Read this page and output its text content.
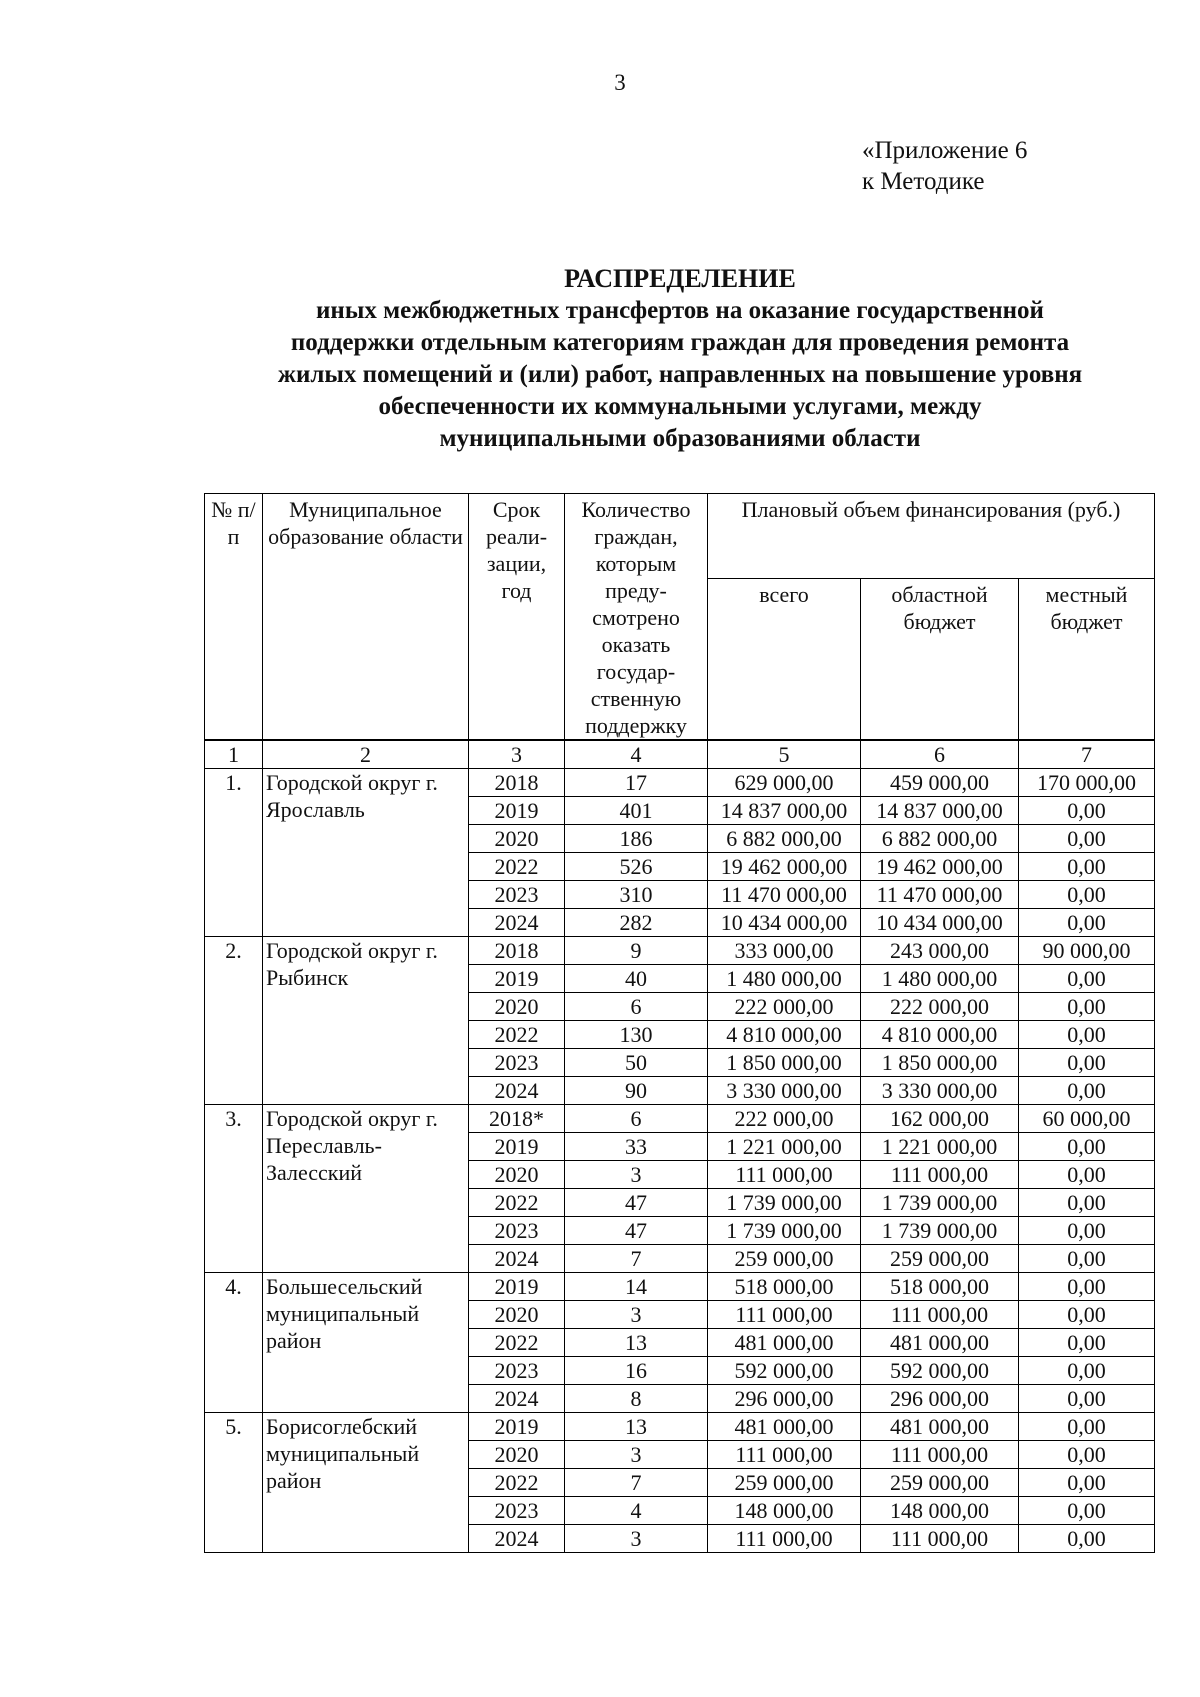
3
«Приложение 6
к Методике
РАСПРЕДЕЛЕНИЕ
иных межбюджетных трансфертов на оказание государственной
поддержки отдельным категориям граждан для проведения ремонта
жилых помещений и (или) работ, направленных на повышение уровня
обеспеченности их коммунальными услугами, между
муниципальными образованиями области
№ п/п	Муниципальное образование области	Срок реали-зации, год	Количество граждан, которым преду-смотрено оказать государ-ственную поддержку	Плановый объем финансирования (руб.)		
				всего	областной бюджет	местный бюджет
1	2	3	4	5	6	7
1.	Городской округ г. Ярославль	2018	17	629 000,00	459 000,00	170 000,00
		2019	401	14 837 000,00	14 837 000,00	0,00
		2020	186	6 882 000,00	6 882 000,00	0,00
		2022	526	19 462 000,00	19 462 000,00	0,00
		2023	310	11 470 000,00	11 470 000,00	0,00
		2024	282	10 434 000,00	10 434 000,00	0,00
2.	Городской округ г. Рыбинск	2018	9	333 000,00	243 000,00	90 000,00
		2019	40	1 480 000,00	1 480 000,00	0,00
		2020	6	222 000,00	222 000,00	0,00
		2022	130	4 810 000,00	4 810 000,00	0,00
		2023	50	1 850 000,00	1 850 000,00	0,00
		2024	90	3 330 000,00	3 330 000,00	0,00
3.	Городской округ г. Переславль-Залесский	2018*	6	222 000,00	162 000,00	60 000,00
		2019	33	1 221 000,00	1 221 000,00	0,00
		2020	3	111 000,00	111 000,00	0,00
		2022	47	1 739 000,00	1 739 000,00	0,00
		2023	47	1 739 000,00	1 739 000,00	0,00
		2024	7	259 000,00	259 000,00	0,00
4.	Большесельский муниципальный район	2019	14	518 000,00	518 000,00	0,00
		2020	3	111 000,00	111 000,00	0,00
		2022	13	481 000,00	481 000,00	0,00
		2023	16	592 000,00	592 000,00	0,00
		2024	8	296 000,00	296 000,00	0,00
5.	Борисоглебский муниципальный район	2019	13	481 000,00	481 000,00	0,00
		2020	3	111 000,00	111 000,00	0,00
		2022	7	259 000,00	259 000,00	0,00
		2023	4	148 000,00	148 000,00	0,00
		2024	3	111 000,00	111 000,00	0,00
